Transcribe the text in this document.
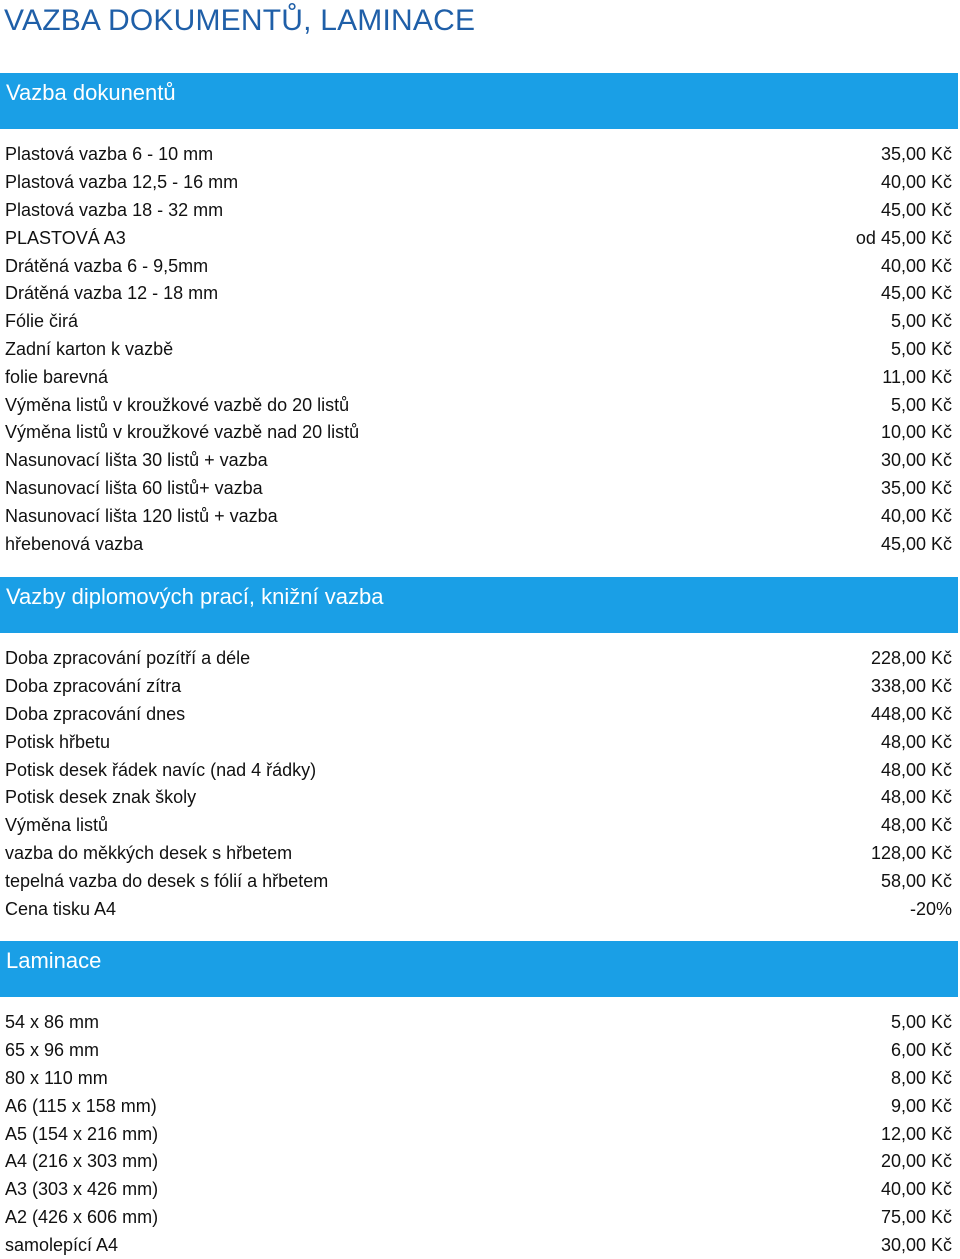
VAZBA DOKUMENTŮ, LAMINACE
Vazba dokunentů
Plastová vazba 6 - 10 mm	35,00 Kč
Plastová vazba 12,5 - 16 mm	40,00 Kč
Plastová vazba 18 - 32 mm	45,00 Kč
PLASTOVÁ A3	od 45,00 Kč
Drátěná vazba 6 - 9,5mm	40,00 Kč
Drátěná vazba 12 - 18 mm	45,00 Kč
Fólie čirá	5,00 Kč
Zadní karton k vazbě	5,00 Kč
folie barevná	11,00 Kč
Výměna listů v kroužkové vazbě do 20 listů	5,00 Kč
Výměna listů v kroužkové vazbě nad 20 listů	10,00 Kč
Nasunovací lišta 30 listů + vazba	30,00 Kč
Nasunovací lišta 60 listů+ vazba	35,00 Kč
Nasunovací lišta 120 listů + vazba	40,00 Kč
hřebenová vazba	45,00 Kč
Vazby diplomových prací, knižní vazba
Doba zpracování pozítří a déle	228,00 Kč
Doba zpracování zítra	338,00 Kč
Doba zpracování dnes	448,00 Kč
Potisk hřbetu	48,00 Kč
Potisk desek řádek navíc (nad 4 řádky)	48,00 Kč
Potisk desek znak školy	48,00 Kč
Výměna listů	48,00 Kč
vazba do měkkých desek s hřbetem	128,00 Kč
tepelná vazba do desek s fólií a hřbetem	58,00 Kč
Cena tisku A4	-20%
Laminace
54 x 86 mm	5,00 Kč
65 x 96 mm	6,00 Kč
80 x 110 mm	8,00 Kč
A6 (115 x 158 mm)	9,00 Kč
A5 (154 x 216 mm)	12,00 Kč
A4 (216 x 303 mm)	20,00 Kč
A3 (303 x 426 mm)	40,00 Kč
A2 (426 x 606 mm)	75,00 Kč
samolepící A4	30,00 Kč
